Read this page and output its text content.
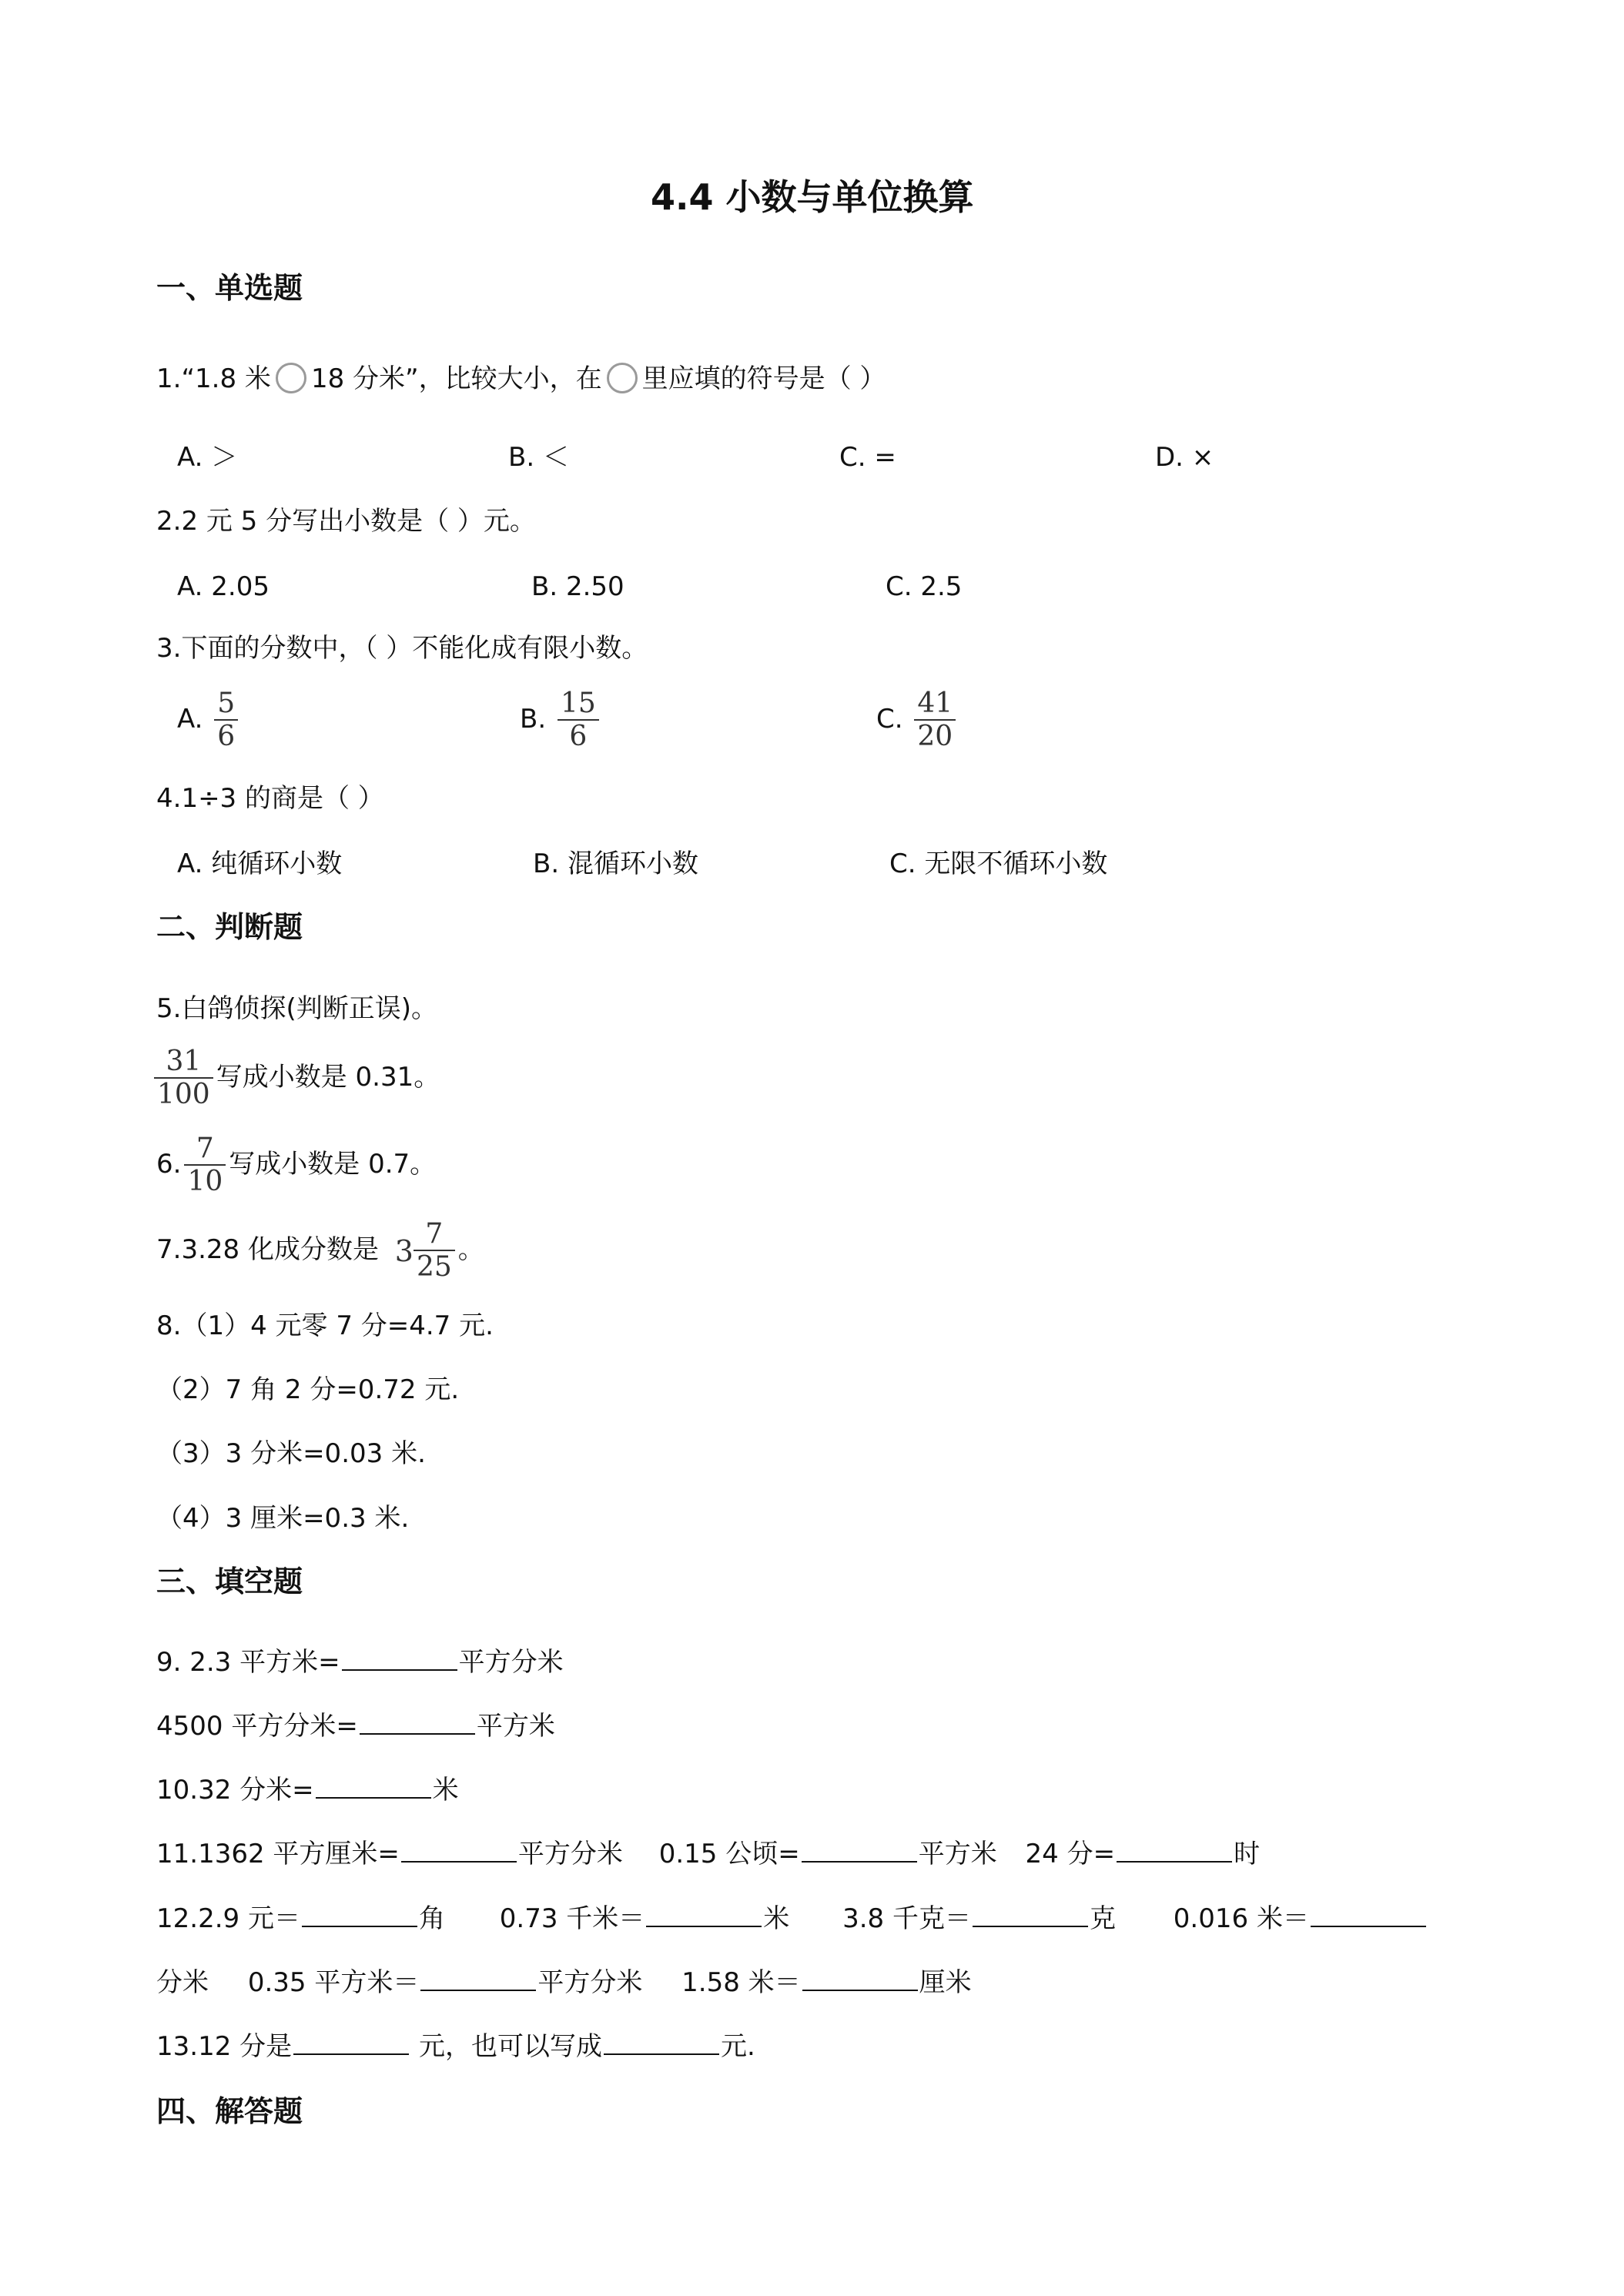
4.4 小数与单位换算
一、单选题
1.“1.8 米 18 分米”，比较大小，在 里应填的符号是（ ）
A. ＞	B. ＜	C. =	D. ×
2.2 元 5 分写出小数是（ ）元。
A. 2.05	B. 2.50	C. 2.5
3.下面的分数中，（ ）不能化成有限小数。
A. $\frac{5}{6}$	B. $\frac{15}{6}$	C. $\frac{41}{20}$
4.1÷3 的商是（ ）
A. 纯循环小数	B. 混循环小数	C. 无限不循环小数
二、判断题
5.白鸽侦探(判断正误)。
$\frac{31}{100}$ 写成小数是 0.31。
6. $\frac{7}{10}$ 写成小数是 0.7。
7.3.28 化成分数是 $3 \frac{7}{25}$ 。
8.（1）4 元零 7 分=4.7 元.
（2）7 角 2 分=0.72 元.
（3）3 分米=0.03 米.
（4）3 厘米=0.3 米.
三、填空题
9. 2.3 平方米=	平方分米
4500 平方分米=	平方米
10.32 分米=	米
11.1362 平方厘米=	平方分米 0.15 公顷=	平方米 24 分=	时
12.2.9 元＝	角 0.73 千米＝	米 3.8 千克＝	克 0.016 米＝
分米 0.35 平方米＝	平方分米 1.58 米＝	厘米
13.12 分是	元，也可以写成	元.
四、解答题
